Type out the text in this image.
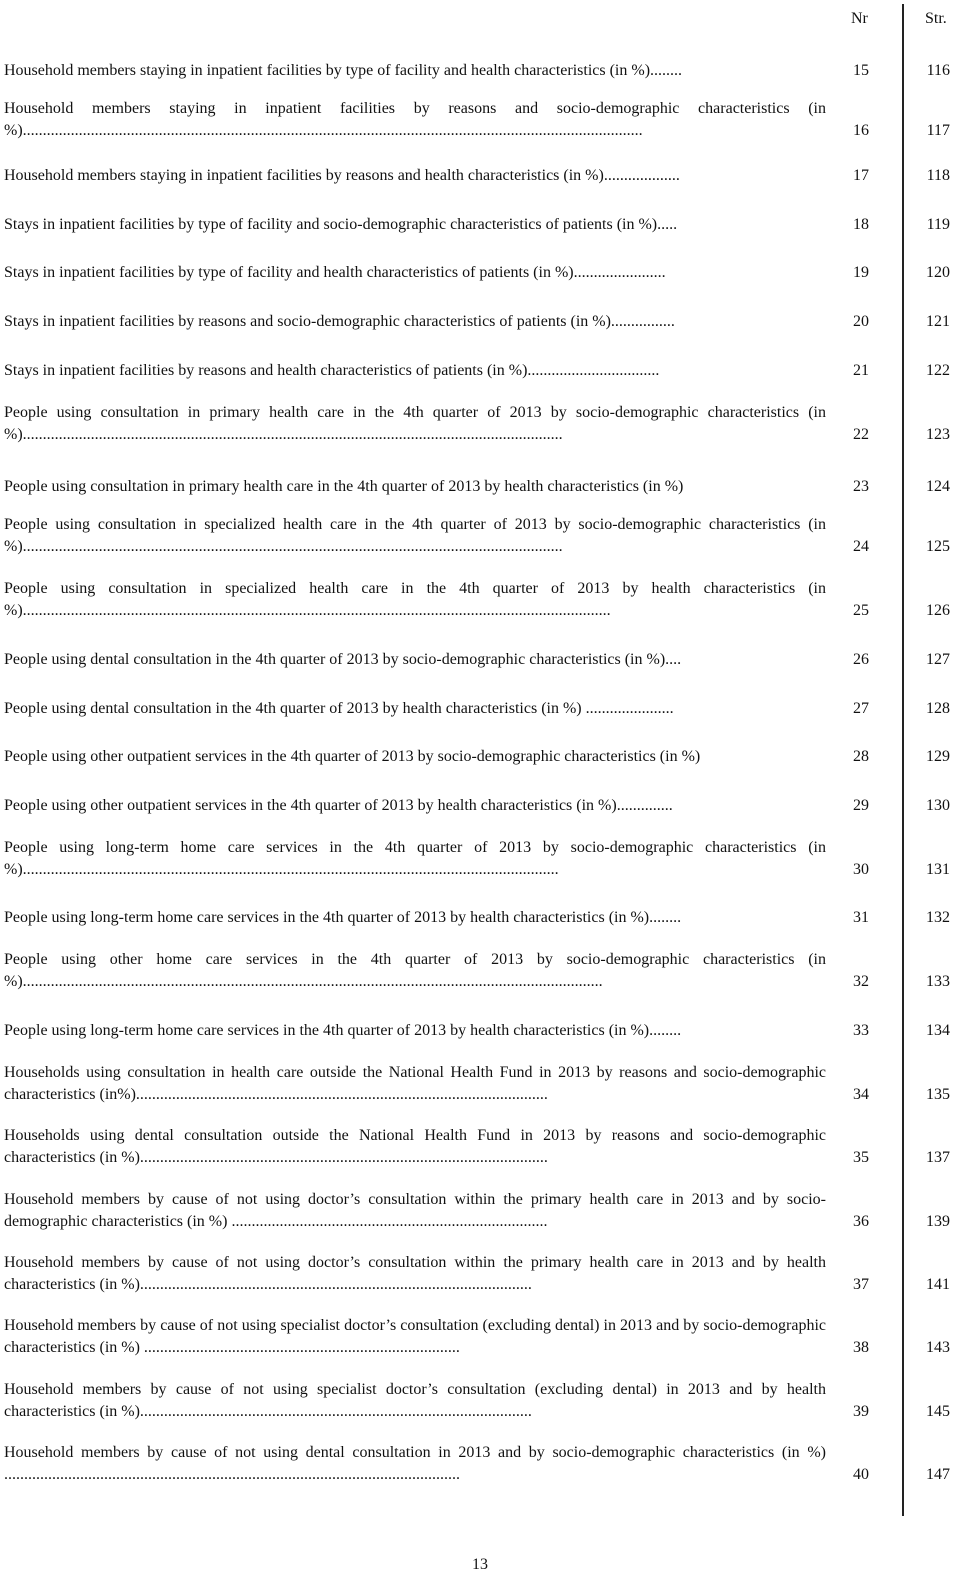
Nr	Str.
Household members staying in inpatient facilities by type of facility and health characteristics (in %)........	15	116
Household members staying in inpatient facilities by reasons and socio-demographic characteristics (in %)...........................................................................................................................................................	16	117
Household members staying in inpatient facilities by reasons and health characteristics (in %)...................	17	118
Stays in inpatient facilities by type of facility and socio-demographic characteristics of patients (in %).....	18	119
Stays in inpatient facilities by type of facility and health characteristics of patients (in %).......................	19	120
Stays in inpatient facilities by reasons and socio-demographic characteristics of patients (in %)................	20	121
Stays in inpatient facilities by reasons and health characteristics of patients (in %).................................	21	122
People using consultation in primary health care in the 4th quarter of 2013 by socio-demographic characteristics (in %).......................................................................................................................................	22	123
People using consultation in primary health care in the 4th quarter of 2013 by health characteristics (in %)	23	124
People using consultation in specialized health care in the 4th quarter of 2013 by socio-demographic characteristics (in %).......................................................................................................................................	24	125
People using consultation in specialized health care in the 4th quarter of 2013 by health characteristics (in %)...................................................................................................................................................	25	126
People using dental consultation in the 4th quarter of 2013 by socio-demographic characteristics (in %)....	26	127
People using dental consultation in the 4th quarter of 2013 by health characteristics (in %) ......................	27	128
People using other outpatient services in the 4th quarter of 2013 by socio-demographic characteristics (in %)	28	129
People using other outpatient services in the 4th quarter of 2013 by health characteristics (in %)..............	29	130
People using long-term home care services in the 4th quarter of 2013 by socio-demographic characteristics (in %)......................................................................................................................................	30	131
People using long-term home care services in the 4th quarter of 2013 by health characteristics (in %)........	31	132
People using other home care services in the 4th quarter of 2013 by socio-demographic characteristics (in %).................................................................................................................................................	32	133
People using long-term home care services in the 4th quarter of 2013 by health characteristics (in %)........	33	134
Households using consultation in health care outside the National Health Fund in 2013 by reasons and socio-demographic characteristics (in%).......................................................................................................	34	135
Households using dental consultation outside the National Health Fund in 2013 by reasons and socio-demographic characteristics (in %)......................................................................................................	35	137
Household members by cause of not using doctor’s consultation within the primary health care in 2013 and by socio-demographic characteristics (in %) ...............................................................................	36	139
Household members by cause of not using doctor’s consultation within the primary health care in 2013 and by health characteristics (in %)..................................................................................................	37	141
Household members by cause of not using specialist doctor’s consultation (excluding dental) in 2013 and by socio-demographic characteristics (in %) ...............................................................................	38	143
Household members by cause of not using specialist doctor’s consultation (excluding dental) in 2013 and by health characteristics (in %)..................................................................................................	39	145
Household members by cause of not using dental consultation in 2013 and by socio-demographic characteristics (in %) ..................................................................................................................	40	147
13
